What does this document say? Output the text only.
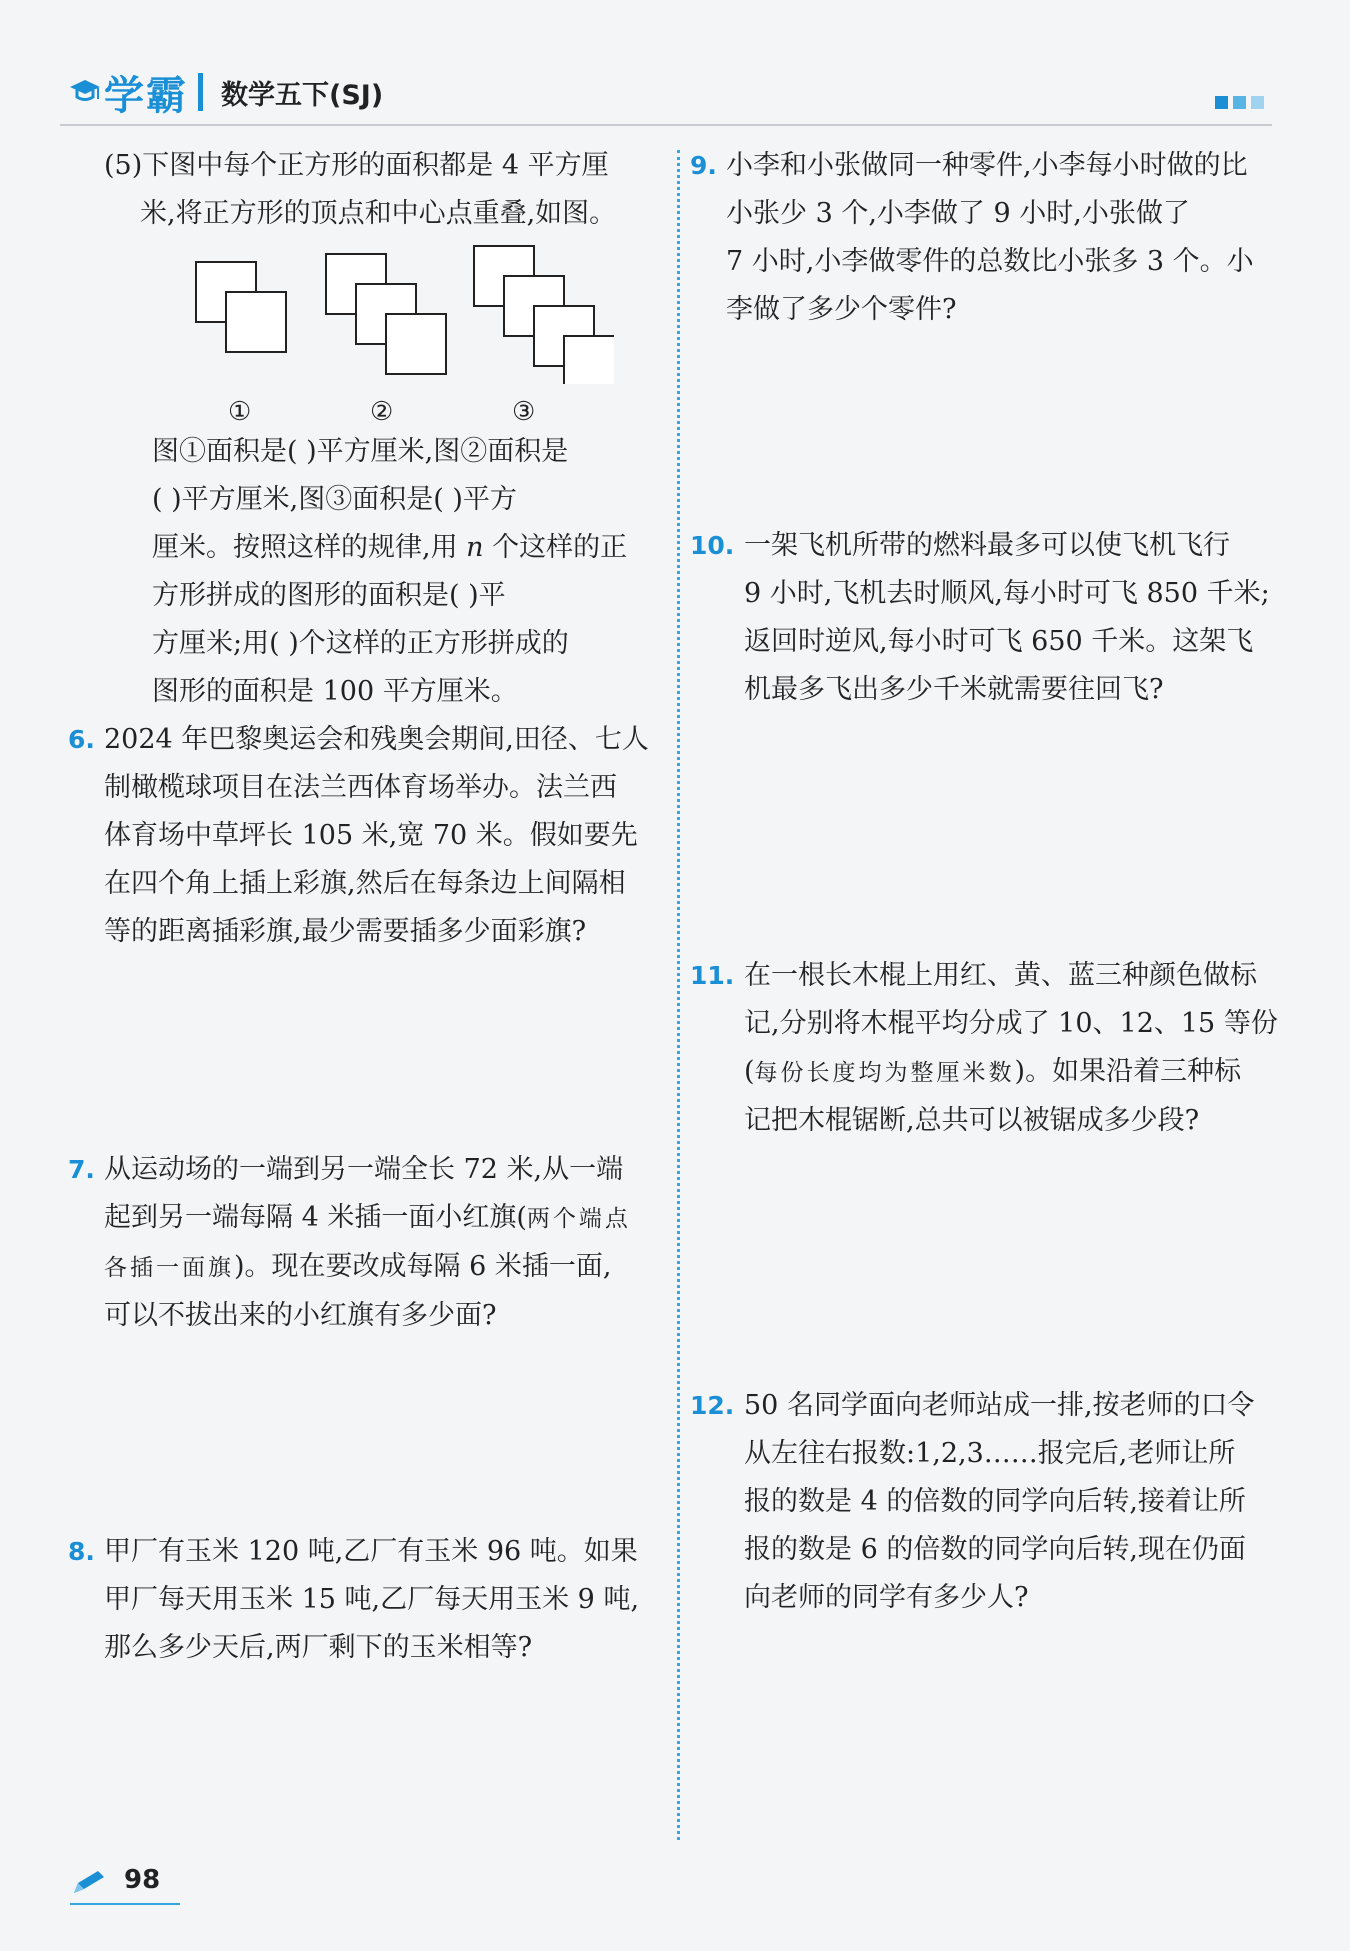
学霸 数学五下(SJ)

(5)下图中每个正方形的面积都是 4 平方厘

米,将正方形的顶点和中心点重叠,如图。

①	②	③

图①面积是( )平方厘米,图②面积是

( )平方厘米,图③面积是( )平方

厘米。按照这样的规律,用 n 个这样的正

方形拼成的图形的面积是( )平

方厘米;用( )个这样的正方形拼成的

图形的面积是 100 平方厘米。

6. 2024 年巴黎奥运会和残奥会期间,田径、七人

制橄榄球项目在法兰西体育场举办。法兰西

体育场中草坪长 105 米,宽 70 米。假如要先

在四个角上插上彩旗,然后在每条边上间隔相

等的距离插彩旗,最少需要插多少面彩旗?

7. 从运动场的一端到另一端全长 72 米,从一端

起到另一端每隔 4 米插一面小红旗(两个端点

各插一面旗)。现在要改成每隔 6 米插一面,

可以不拔出来的小红旗有多少面?

8. 甲厂有玉米 120 吨,乙厂有玉米 96 吨。如果

甲厂每天用玉米 15 吨,乙厂每天用玉米 9 吨,

那么多少天后,两厂剩下的玉米相等?

9. 小李和小张做同一种零件,小李每小时做的比

小张少 3 个,小李做了 9 小时,小张做了

7 小时,小李做零件的总数比小张多 3 个。小

李做了多少个零件?

10. 一架飞机所带的燃料最多可以使飞机飞行

9 小时,飞机去时顺风,每小时可飞 850 千米;

返回时逆风,每小时可飞 650 千米。这架飞

机最多飞出多少千米就需要往回飞?

11. 在一根长木棍上用红、黄、蓝三种颜色做标

记,分别将木棍平均分成了 10、12、15 等份

(每份长度均为整厘米数)。如果沿着三种标

记把木棍锯断,总共可以被锯成多少段?

12. 50 名同学面向老师站成一排,按老师的口令

从左往右报数:1,2,3……报完后,老师让所

报的数是 4 的倍数的同学向后转,接着让所

报的数是 6 的倍数的同学向后转,现在仍面

向老师的同学有多少人?

98
